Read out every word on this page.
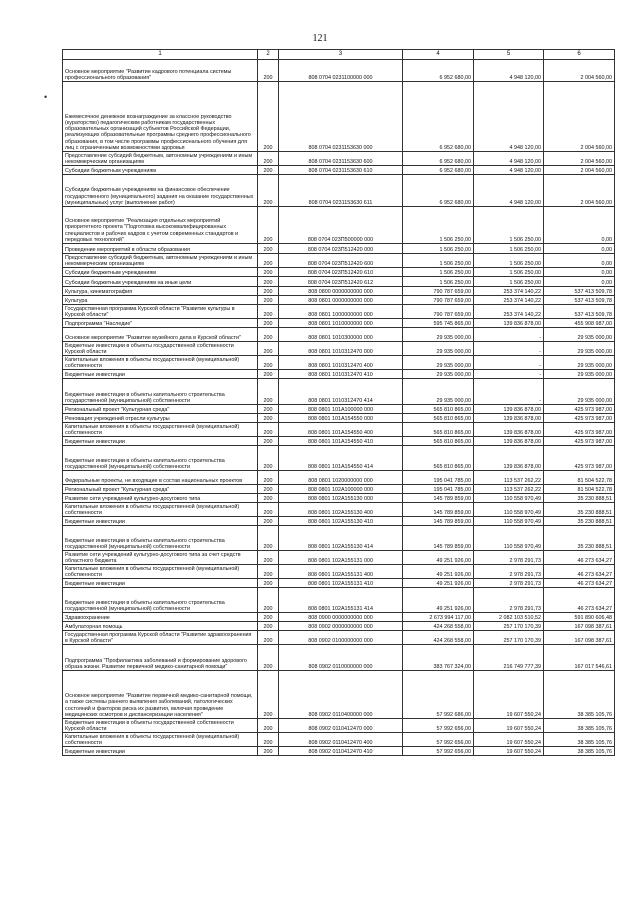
121
•
1	2	3	4	5	6
Основное мероприятие "Развитие кадрового потенциала системы профессионального образования"	200	808 0704 0231100000 000	6 952 680,00	4 948 120,00	2 004 560,00
Ежемесячное денежное вознаграждение за классное руководство (кураторство) педагогическим работникам государственных образовательных организаций субъектов Российской Федерации, реализующих образовательные программы среднего профессионального образования, в том числе программы профессионального обучения для лиц с ограниченными возможностями здоровья	200	808 0704 0231153630 000	6 952 680,00	4 948 120,00	2 004 560,00
Предоставление субсидий бюджетным, автономным учреждениям и иным некоммерческим организациям	200	808 0704 0231153630 600	6 952 680,00	4 948 120,00	2 004 560,00
Субсидии бюджетным учреждениям	200	808 0704 0231153630 610	6 952 680,00	4 948 120,00	2 004 560,00
Субсидии бюджетным учреждениям на финансовое обеспечение государственного (муниципального) задания на оказание государственных (муниципальных) услуг (выполнение работ)	200	808 0704 0231153630 611	6 952 680,00	4 948 120,00	2 004 560,00
Основное мероприятие "Реализация отдельных мероприятий приоритетного проекта "Подготовка высококвалифицированных специалистов и рабочих кадров с учетом современных стандартов и передовых технологий"	200	808 0704 023П500000 000	1 506 250,00	1 506 250,00	0,00
Проведение мероприятий в области образования	200	808 0704 023П512420 000	1 506 250,00	1 506 250,00	0,00
Предоставление субсидий бюджетным, автономным учреждениям и иным некоммерческим организациям	200	808 0704 023П512420 600	1 506 250,00	1 506 250,00	0,00
Субсидии бюджетным учреждениям	200	808 0704 023П512420 610	1 506 250,00	1 506 250,00	0,00
Субсидии бюджетным учреждениям на иные цели	200	808 0704 023П512420 612	1 506 250,00	1 506 250,00	0,00
Культура, кинематография	200	808 0800 0000000000 000	790 787 659,00	253 374 140,22	537 413 509,78
Культура	200	808 0801 0000000000 000	790 787 659,00	253 374 140,22	537 413 509,78
Государственная программа Курской области "Развитие культуры в Курской области"	200	808 0801 1000000000 000	790 787 659,00	253 374 140,22	537 413 509,78
Подпрограмма "Наследие"	200	808 0801 1010000000 000	595 745 865,00	139 836 878,00	455 908 987,00
Основное мероприятие "Развитие музейного дела в Курской области"	200	808 0801 1010300000 000	29 935 000,00	-	29 935 000,00
Бюджетные инвестиции в объекты государственной собственности Курской области	200	808 0801 1010312470 000	29 935 000,00	-	29 935 000,00
Капитальные вложения в объекты государственной (муниципальной) собственности	200	808 0801 1010312470 400	29 935 000,00	-	29 935 000,00
Бюджетные инвестиции	200	808 0801 1010312470 410	29 935 000,00	-	29 935 000,00
Бюджетные инвестиции в объекты капитального строительства государственной (муниципальной) собственности	200	808 0801 1010312470 414	29 935 000,00	-	29 935 000,00
Региональный проект "Культурная среда"	200	808 0801 101А100000 000	565 810 865,00	139 836 878,00	425 973 987,00
Реновация учреждений отрасли культуры	200	808 0801 101А154550 000	565 810 865,00	139 836 878,00	425 973 987,00
Капитальные вложения в объекты государственной (муниципальной) собственности	200	808 0801 101А154550 400	565 810 865,00	139 836 878,00	425 973 987,00
Бюджетные инвестиции	200	808 0801 101А154550 410	565 810 865,00	139 836 878,00	425 973 987,00
Бюджетные инвестиции в объекты капитального строительства государственной (муниципальной) собственности	200	808 0801 101А154550 414	565 810 865,00	139 836 878,00	425 973 987,00
Федеральные проекты, не входящие в состав национальных проектов	200	808 0801 1020000000 000	195 041 785,00	113 537 262,22	81 504 522,78
Региональный проект "Культурная среда"	200	808 0801 102А100000 000	195 041 785,00	113 537 262,22	81 504 522,78
Развитие сети учреждений культурно-досугового типа	200	808 0801 102А155130 000	145 789 859,00	110 558 970,49	35 230 888,51
Капитальные вложения в объекты государственной (муниципальной) собственности	200	808 0801 102А155130 400	145 789 859,00	110 558 970,49	35 230 888,51
Бюджетные инвестиции	200	808 0801 102А155130 410	145 789 859,00	110 558 970,49	35 230 888,51
Бюджетные инвестиции в объекты капитального строительства государственной (муниципальной) собственности	200	808 0801 102А155130 414	145 789 859,00	110 558 970,49	35 230 888,51
Развитие сети учреждений культурно-досугового типа за счет средств областного бюджета	200	808 0801 102А155131 000	49 251 926,00	2 978 291,73	46 273 634,27
Капитальные вложения в объекты государственной (муниципальной) собственности	200	808 0801 102А155131 400	49 251 926,00	2 978 291,73	46 273 634,27
Бюджетные инвестиции	200	808 0801 102А155131 410	49 251 926,00	2 978 291,73	46 273 634,27
Бюджетные инвестиции в объекты капитального строительства государственной (муниципальной) собственности	200	808 0801 102А155131 414	49 251 926,00	2 978 291,73	46 273 634,27
Здравоохранение	200	808 0900 0000000000 000	2 673 994 117,00	2 082 103 510,52	591 890 606,48
Амбулаторная помощь	200	808 0902 0000000000 000	424 268 558,00	257 170 170,39	167 098 387,61
Государственная программа Курской области "Развитие здравоохранения в Курской области"	200	808 0902 0100000000 000	424 268 558,00	257 170 170,39	167 098 387,61
Подпрограмма "Профилактика заболеваний и формирование здорового образа жизни. Развитие первичной медико-санитарной помощи"	200	808 0902 0110000000 000	383 767 324,00	216 749 777,39	167 017 546,61
Основное мероприятие "Развитие первичной медико-санитарной помощи, а также системы раннего выявления заболеваний, патологических состояний и факторов риска их развития, включая проведение медицинских осмотров и диспансеризации населения"	200	808 0902 0110400000 000	57 992 686,00	19 607 550,24	38 385 105,76
Бюджетные инвестиции в объекты государственной собственности Курской области	200	808 0902 0110412470 000	57 992 656,00	19 607 550,24	38 385 105,76
Капитальные вложения в объекты государственной (муниципальной) собственности	200	808 0902 0110412470 400	57 992 656,00	19 607 550,24	38 385 105,76
Бюджетные инвестиции	200	808 0902 0110412470 410	57 992 656,00	19 607 550,24	38 385 105,76
